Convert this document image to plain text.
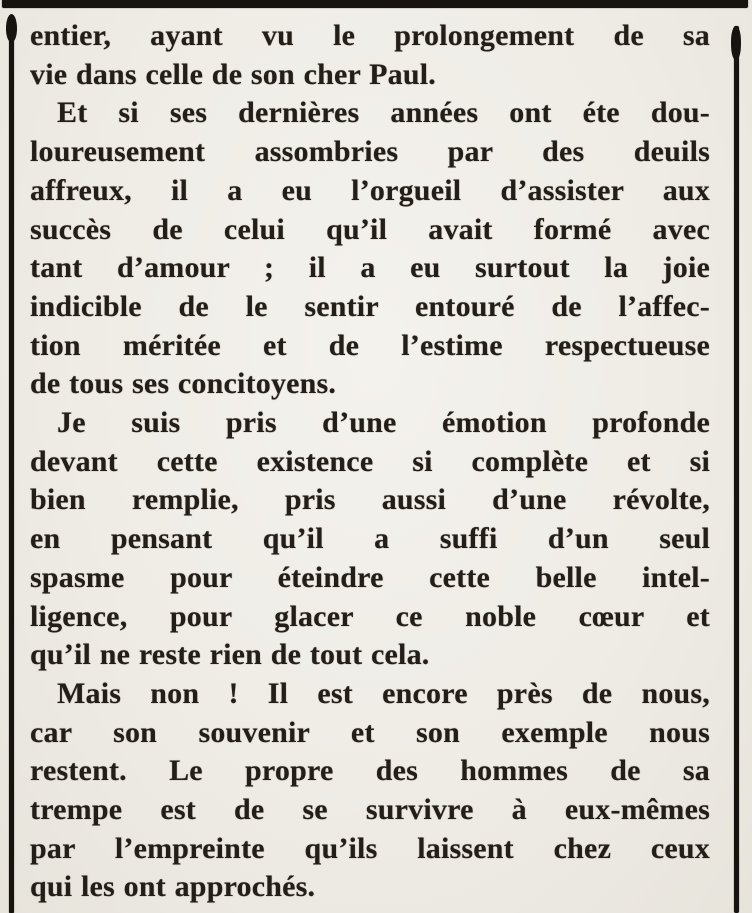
entier, ayant vu le prolongement de sa
vie dans celle de son cher Paul.
Et si ses dernières années ont éte dou-
loureusement assombries par des deuils
affreux, il a eu l’orgueil d’assister aux
succès de celui qu’il avait formé avec
tant d’amour ; il a eu surtout la joie
indicible de le sentir entouré de l’affec-
tion méritée et de l’estime respectueuse
de tous ses concitoyens.
Je suis pris d’une émotion profonde
devant cette existence si complète et si
bien remplie, pris aussi d’une révolte,
en pensant qu’il a suffi d’un seul
spasme pour éteindre cette belle intel-
ligence, pour glacer ce noble cœur et
qu’il ne reste rien de tout cela.
Mais non ! Il est encore près de nous,
car son souvenir et son exemple nous
restent. Le propre des hommes de sa
trempe est de se survivre à eux-mêmes
par l’empreinte qu’ils laissent chez ceux
qui les ont approchés.
